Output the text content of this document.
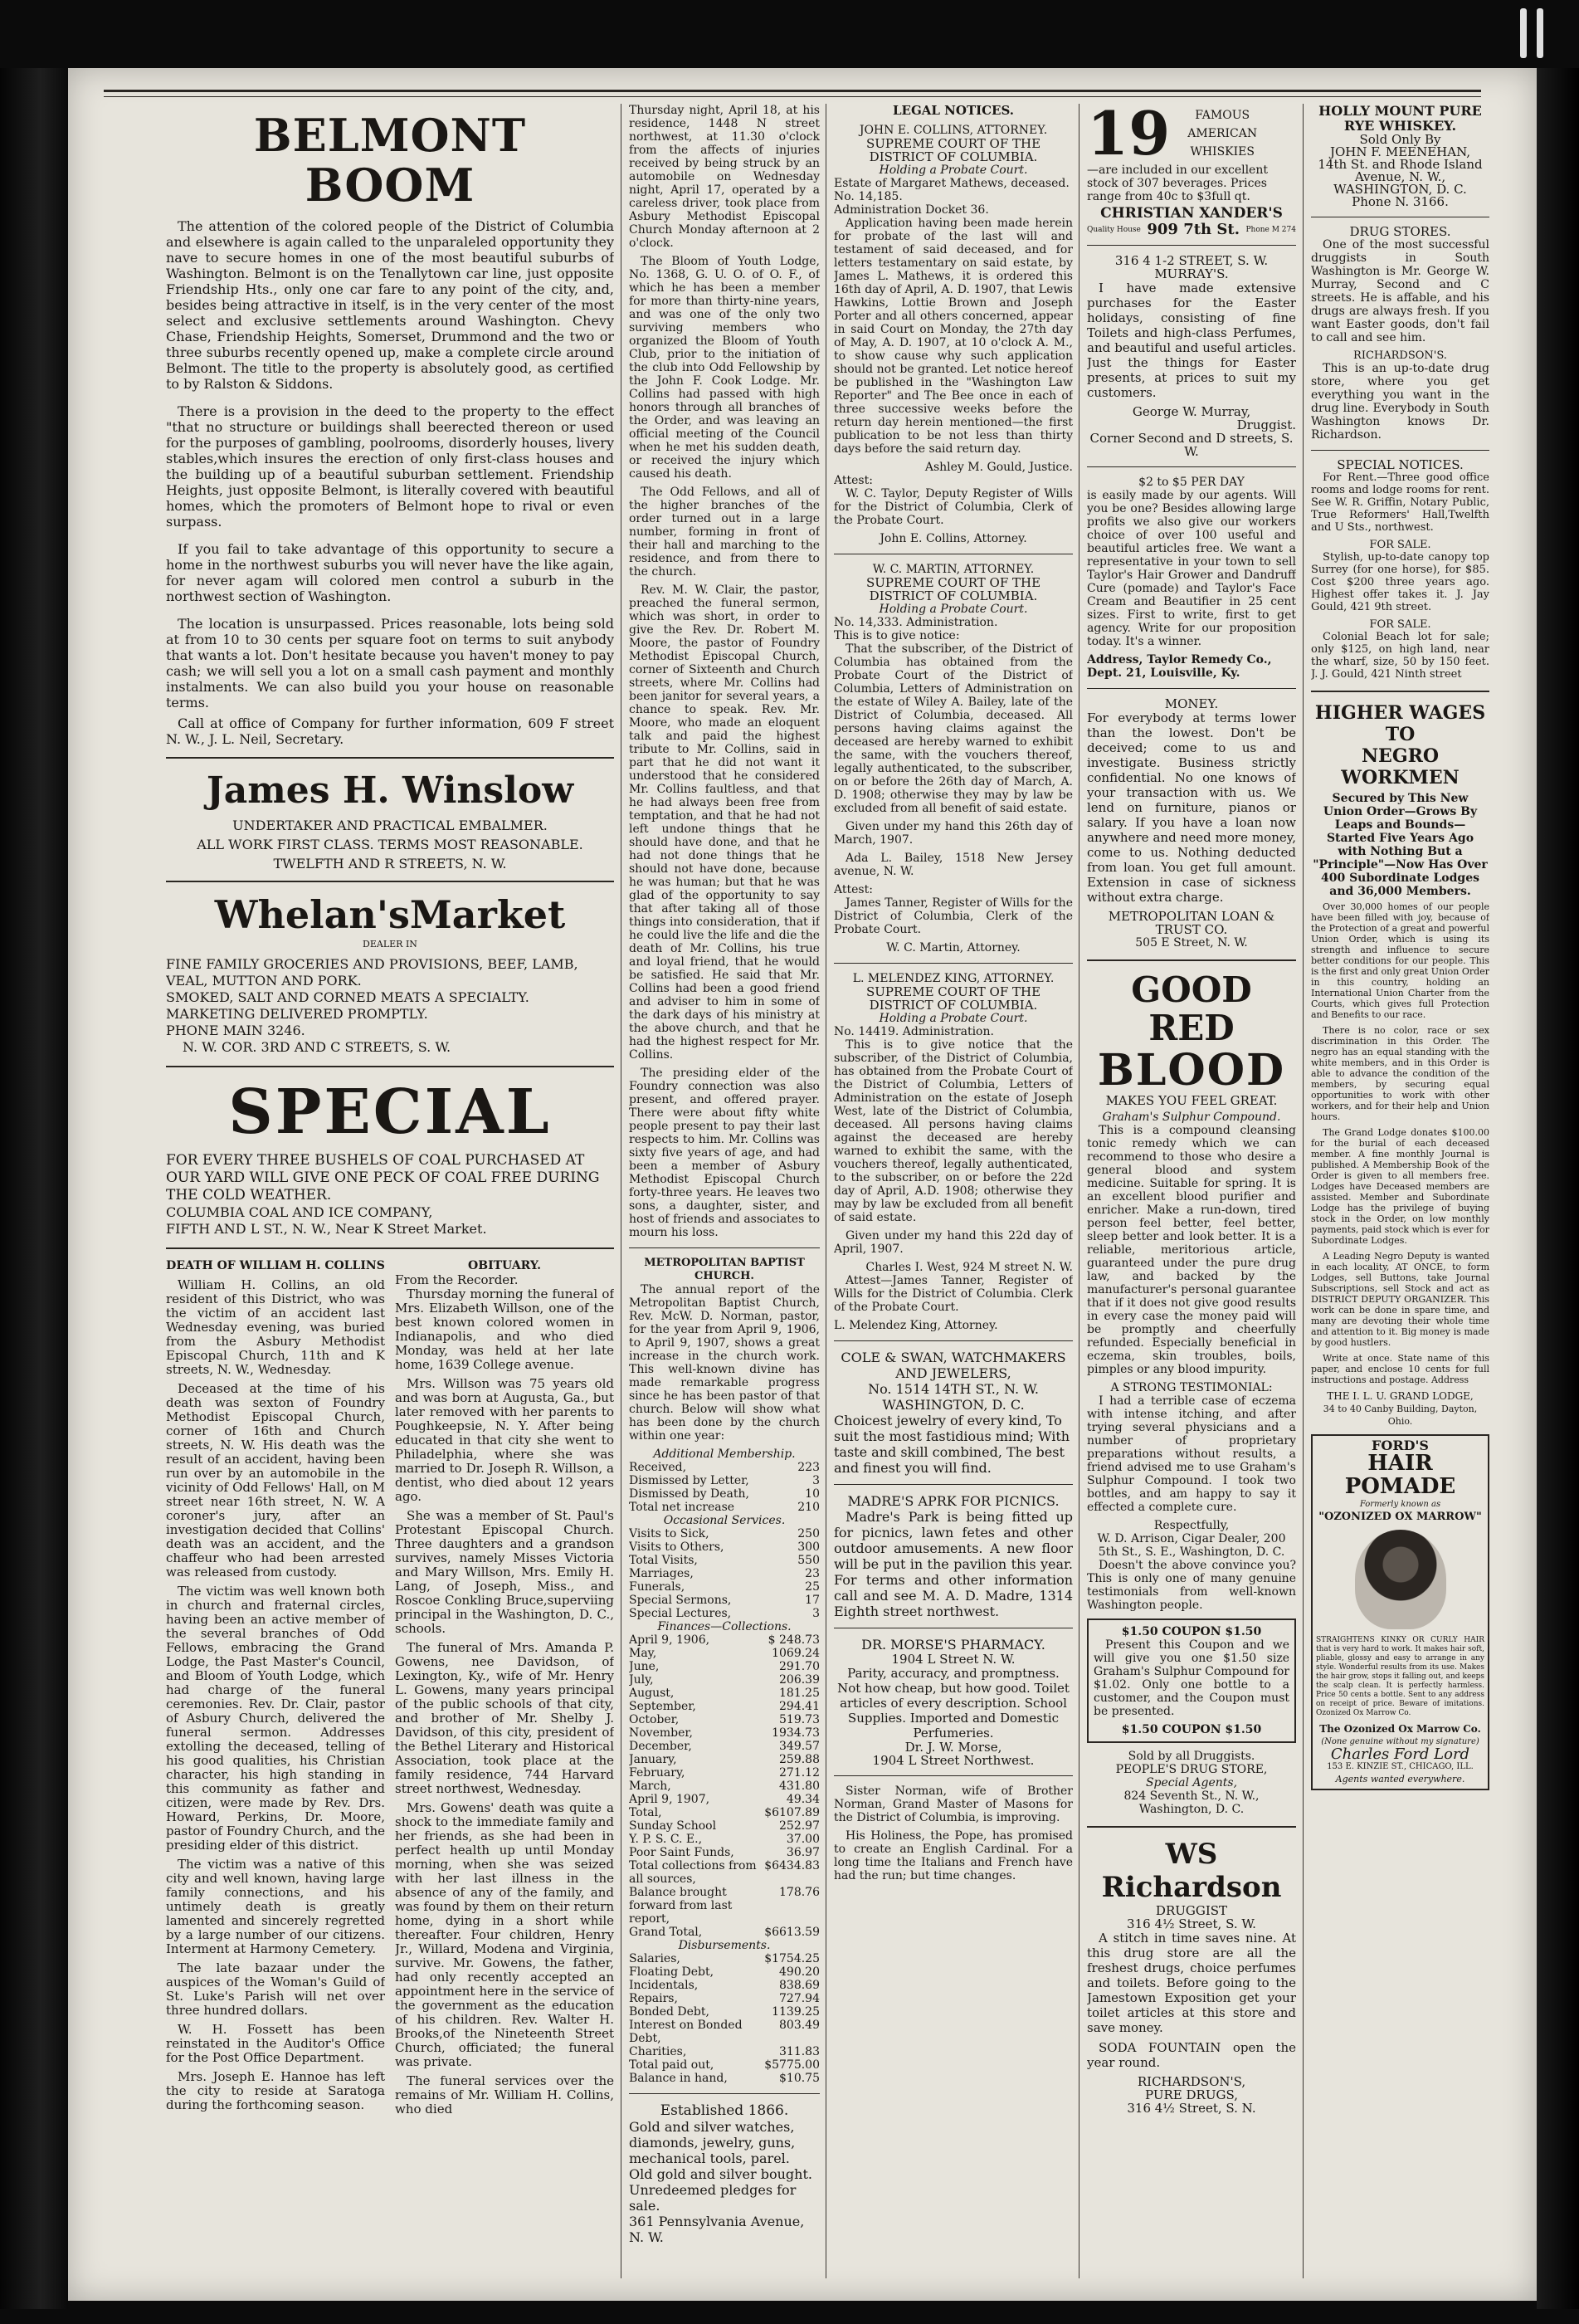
BELMONT BOOM

The attention of the colored people of the District of Columbia and elsewhere is again called to the unparaleled opportunity they nave to secure homes in one of the most beautiful suburbs of Washington. Belmont is on the Tenallytown car line, just opposite Friendship Hts., only one car fare to any point of the city, and, besides being attractive in itself, is in the very center of the most select and exclusive settlements around Washington. Chevy Chase, Friendship Heights, Somerset, Drummond and the two or three suburbs recently opened up, make a complete circle around Belmont. The title to the property is absolutely good, as certified to by Ralston & Siddons.

There is a provision in the deed to the property to the effect "that no structure or buildings shall beerected thereon or used for the purposes of gambling, poolrooms, disorderly houses, livery stables,which insures the erection of only first-class houses and the building up of a beautiful suburban settlement. Friendship Heights, just opposite Belmont, is literally covered with beautiful homes, which the promoters of Belmont hope to rival or even surpass.

If you fail to take advantage of this opportunity to secure a home in the northwest suburbs you will never have the like again, for never agam will colored men control a suburb in the northwest section of Washington.

The location is unsurpassed. Prices reasonable, lots being sold at from 10 to 30 cents per square foot on terms to suit anybody that wants a lot. Don't hesitate because you haven't money to pay cash; we will sell you a lot on a small cash payment and monthly instalments. We can also build you your house on reasonable terms.

Call at office of Company for further information, 609 F street N. W., J. L. Neil, Secretary.

James H. Winslow
UNDERTAKER AND PRACTICAL EMBALMER.
ALL WORK FIRST CLASS. TERMS MOST REASONABLE.
TWELFTH AND R STREETS, N. W.
Whelan'sMarket
DEALER IN
FINE FAMILY GROCERIES AND PROVISIONS, BEEF, LAMB, VEAL, MUTTON AND PORK.
SMOKED, SALT AND CORNED MEATS A SPECIALTY.
MARKETING DELIVERED PROMPTLY.
PHONE MAIN 3246.
N. W. COR. 3RD AND C STREETS, S. W.
SPECIAL
FOR EVERY THREE BUSHELS OF COAL PURCHASED AT OUR YARD WILL GIVE ONE PECK OF COAL FREE DURING THE COLD WEATHER.
COLUMBIA COAL AND ICE COMPANY,
FIFTH AND L ST., N. W., Near K Street Market.
DEATH OF WILLIAM H. COLLINS

William H. Collins, an old resident of this District, who was the victim of an accident last Wednesday evening, was buried from the Asbury Methodist Episcopal Church, 11th and K streets, N. W., Wednesday.

Deceased at the time of his death was sexton of Foundry Methodist Episcopal Church, corner of 16th and Church streets, N. W. His death was the result of an accident, having been run over by an automobile in the vicinity of Odd Fellows' Hall, on M street near 16th street, N. W. A coroner's jury, after an investigation decided that Collins' death was an accident, and the chaffeur who had been arrested was released from custody.

The victim was well known both in church and fraternal circles, having been an active member of the several branches of Odd Fellows, embracing the Grand Lodge, the Past Master's Council, and Bloom of Youth Lodge, which had charge of the funeral ceremonies. Rev. Dr. Clair, pastor of Asbury Church, delivered the funeral sermon. Addresses extolling the deceased, telling of his good qualities, his Christian character, his high standing in this community as father and citizen, were made by Rev. Drs. Howard, Perkins, Dr. Moore, pastor of Foundry Church, and the presiding elder of this district.

The victim was a native of this city and well known, having large family connections, and his untimely death is greatly lamented and sincerely regretted by a large number of our citizens. Interment at Harmony Cemetery.

The late bazaar under the auspices of the Woman's Guild of St. Luke's Parish will net over three hundred dollars.

W. H. Fossett has been reinstated in the Auditor's Office for the Post Office Department.

Mrs. Joseph E. Hannoe has left the city to reside at Saratoga during the forthcoming season.

OBITUARY.
From the Recorder.

Thursday morning the funeral of Mrs. Elizabeth Willson, one of the best known colored women in Indianapolis, and who died Monday, was held at her late home, 1639 College avenue.

Mrs. Willson was 75 years old and was born at Augusta, Ga., but later removed with her parents to Poughkeepsie, N. Y. After being educated in that city she went to Philadelphia, where she was married to Dr. Joseph R. Willson, a dentist, who died about 12 years ago.

She was a member of St. Paul's Protestant Episcopal Church. Three daughters and a grandson survives, namely Misses Victoria and Mary Willson, Mrs. Emily H. Lang, of Joseph, Miss., and Roscoe Conkling Bruce,superviing principal in the Washington, D. C., schools.

The funeral of Mrs. Amanda P. Gowens, nee Davidson, of Lexington, Ky., wife of Mr. Henry L. Gowens, many years principal of the public schools of that city, and brother of Mr. Shelby J. Davidson, of this city, president of the Bethel Literary and Historical Association, took place at the family residence, 744 Harvard street northwest, Wednesday.

Mrs. Gowens' death was quite a shock to the immediate family and her friends, as she had been in perfect health up until Monday morning, when she was seized with her last illness in the absence of any of the family, and was found by them on their return home, dying in a short while thereafter. Four children, Henry Jr., Willard, Modena and Virginia, survive. Mr. Gowens, the father, had only recently accepted an appointment here in the service of the government as the education of his children. Rev. Walter H. Brooks,of the Nineteenth Street Church, officiated; the funeral was private.

The funeral services over the remains of Mr. William H. Collins, who died

Thursday night, April 18, at his residence, 1448 N street northwest, at 11.30 o'clock from the affects of injuries received by being struck by an automobile on Wednesday night, April 17, operated by a careless driver, took place from Asbury Methodist Episcopal Church Monday afternoon at 2 o'clock.

The Bloom of Youth Lodge, No. 1368, G. U. O. of O. F., of which he has been a member for more than thirty-nine years, and was one of the only two surviving members who organized the Bloom of Youth Club, prior to the initiation of the club into Odd Fellowship by the John F. Cook Lodge. Mr. Collins had passed with high honors through all branches of the Order, and was leaving an official meeting of the Council when he met his sudden death, or received the injury which caused his death.

The Odd Fellows, and all of the higher branches of the order turned out in a large number, forming in front of their hall and marching to the residence, and from there to the church.

Rev. M. W. Clair, the pastor, preached the funeral sermon, which was short, in order to give the Rev. Dr. Robert M. Moore, the pastor of Foundry Methodist Episcopal Church, corner of Sixteenth and Church streets, where Mr. Collins had been janitor for several years, a chance to speak. Rev. Mr. Moore, who made an eloquent talk and paid the highest tribute to Mr. Collins, said in part that he did not want it understood that he considered Mr. Collins faultless, and that he had always been free from temptation, and that he had not left undone things that he should have done, and that he had not done things that he should not have done, because he was human; but that he was glad of the opportunity to say that after taking all of those things into consideration, that if he could live the life and die the death of Mr. Collins, his true and loyal friend, that he would be satisfied. He said that Mr. Collins had been a good friend and adviser to him in some of the dark days of his ministry at the above church, and that he had the highest respect for Mr. Collins.

The presiding elder of the Foundry connection was also present, and offered prayer. There were about fifty white people present to pay their last respects to him. Mr. Collins was sixty five years of age, and had been a member of Asbury Methodist Episcopal Church forty-three years. He leaves two sons, a daughter, sister, and host of friends and associates to mourn his loss.

METROPOLITAN BAPTIST CHURCH.

The annual report of the Metropolitan Baptist Church, Rev. McW. D. Norman, pastor, for the year from April 9, 1906, to April 9, 1907, shows a great increase in the church work. This well-known divine has made remarkable progress since he has been pastor of that church. Below will show what has been done by the church within one year:

Additional Membership.
Received,	223
Dismissed by Letter,	3
Dismissed by Death,	10
Total net increase	210
Occasional Services.
Visits to Sick,	250
Visits to Others,	300
Total Visits,	550
Marriages,	23
Funerals,	25
Special Sermons,	17
Special Lectures,	3
Finances—Collections.
April 9, 1906,	$ 248.73
May,	1069.24
June,	291.70
July,	206.39
August,	181.25
September,	294.41
October,	519.73
November,	1934.73
December,	349.57
January,	259.88
February,	271.12
March,	431.80
April 9, 1907,	49.34
Total,	$6107.89
Sunday School	252.97
Y. P. S. C. E.,	37.00
Poor Saint Funds,	36.97
Total collections from all sources,
$6434.83
Balance brought forward from last report,
178.76
Grand Total,	$6613.59
Disbursements.
Salaries,	$1754.25
Floating Debt,	490.20
Incidentals,	838.69
Repairs,	727.94
Bonded Debt,	1139.25
Interest on Bonded Debt,
803.49
Charities,	311.83
Total paid out,	$5775.00
Balance in hand,	$10.75
Established 1866.
Gold and silver watches, diamonds, jewelry, guns, mechanical tools, parel.
Old gold and silver bought.
Unredeemed pledges for sale.
361 Pennsylvania Avenue, N. W.
LEGAL NOTICES.
JOHN E. COLLINS, ATTORNEY.
SUPREME COURT OF THE DISTRICT OF COLUMBIA.
Holding a Probate Court.
Estate of Margaret Mathews, deceased.
No. 14,185.
Administration Docket 36.

Application having been made herein for probate of the last will and testament of said deceased, and for letters testamentary on said estate, by James L. Mathews, it is ordered this 16th day of April, A. D. 1907, that Lewis Hawkins, Lottie Brown and Joseph Porter and all others concerned, appear in said Court on Monday, the 27th day of May, A. D. 1907, at 10 o'clock A. M., to show cause why such application should not be granted. Let notice hereof be published in the "Washington Law Reporter" and The Bee once in each of three successive weeks before the return day herein mentioned—the first publication to be not less than thirty days before the said return day.

Ashley M. Gould, Justice.
Attest:

W. C. Taylor, Deputy Register of Wills for the District of Columbia, Clerk of the Probate Court.

John E. Collins, Attorney.
W. C. MARTIN, ATTORNEY.
SUPREME COURT OF THE DISTRICT OF COLUMBIA.
Holding a Probate Court.
No. 14,333. Administration.
This is to give notice:

That the subscriber, of the District of Columbia has obtained from the Probate Court of the District of Columbia, Letters of Administration on the estate of Wiley A. Bailey, late of the District of Columbia, deceased. All persons having claims against the deceased are hereby warned to exhibit the same, with the vouchers thereof, legally authenticated, to the subscriber, on or before the 26th day of March, A. D. 1908; otherwise they may by law be excluded from all benefit of said estate.

Given under my hand this 26th day of March, 1907.

Ada L. Bailey, 1518 New Jersey avenue, N. W.

Attest:

James Tanner, Register of Wills for the District of Columbia, Clerk of the Probate Court.

W. C. Martin, Attorney.
L. MELENDEZ KING, ATTORNEY.
SUPREME COURT OF THE DISTRICT OF COLUMBIA.
Holding a Probate Court.
No. 14419. Administration.

This is to give notice that the subscriber, of the District of Columbia, has obtained from the Probate Court of the District of Columbia, Letters of Administration on the estate of Joseph West, late of the District of Columbia, deceased. All persons having claims against the deceased are hereby warned to exhibit the same, with the vouchers thereof, legally authenticated, to the subscriber, on or before the 22d day of April, A.D. 1908; otherwise they may by law be excluded from all benefit of said estate.

Given under my hand this 22d day of April, 1907.

Charles I. West, 924 M street N. W.

Attest—James Tanner, Register of Wills for the District of Columbia. Clerk of the Probate Court.

L. Melendez King, Attorney.
COLE & SWAN, WATCHMAKERS AND JEWELERS,
No. 1514 14TH ST., N. W. WASHINGTON, D. C.
Choicest jewelry of every kind, To suit the most fastidious mind; With taste and skill combined, The best and finest you will find.
MADRE'S APRK FOR PICNICS.

Madre's Park is being fitted up for picnics, lawn fetes and other outdoor amusements. A new floor will be put in the pavilion this year. For terms and other information call and see M. A. D. Madre, 1314 Eighth street northwest.

DR. MORSE'S PHARMACY.
1904 L Street N. W.
Parity, accuracy, and promptness. Not how cheap, but how good. Toilet articles of every description. School Supplies. Imported and Domestic Perfumeries.
Dr. J. W. Morse,
1904 L Street Northwest.

Sister Norman, wife of Brother Norman, Grand Master of Masons for the District of Columbia, is improving.

His Holiness, the Pope, has promised to create an English Cardinal. For a long time the Italians and French have had the run; but time changes.

19	FAMOUS AMERICAN WHISKIES
—are included in our excellent stock of 307 beverages. Prices range from 40c to $3full qt.
CHRISTIAN XANDER'S
Quality House 909 7th St. Phone M 274
316 4 1-2 STREET, S. W.
MURRAY'S.

I have made extensive purchases for the Easter holidays, consisting of fine Toilets and high-class Perfumes, and beautiful and useful articles. Just the things for Easter presents, at prices to suit my customers.

George W. Murray,
Druggist.
Corner Second and D streets, S. W.
$2 to $5 PER DAY

is easily made by our agents. Will you be one? Besides allowing large profits we also give our workers choice of over 100 useful and beautiful articles free. We want a representative in your town to sell Taylor's Hair Grower and Dandruff Cure (pomade) and Taylor's Face Cream and Beautifier in 25 cent sizes. First to write, first to get agency. Write for our proposition today. It's a winner.

Address, Taylor Remedy Co., Dept. 21, Louisville, Ky.
MONEY.

For everybody at terms lower than the lowest. Don't be deceived; come to us and investigate. Business strictly confidential. No one knows of your transaction with us. We lend on furniture, pianos or salary. If you have a loan now anywhere and need more money, come to us. Nothing deducted from loan. You get full amount. Extension in case of sickness without extra charge.

METROPOLITAN LOAN & TRUST CO.
505 E Street, N. W.
GOOD RED
BLOOD
MAKES YOU FEEL GREAT.
Graham's Sulphur Compound.

This is a compound cleansing tonic remedy which we can recommend to those who desire a general blood and system medicine. Suitable for spring. It is an excellent blood purifier and enricher. Make a run-down, tired person feel better, feel better, sleep better and look better. It is a reliable, meritorious article, guaranteed under the pure drug law, and backed by the manufacturer's personal guarantee that if it does not give good results in every case the money paid will be promptly and cheerfully refunded. Especially beneficial in eczema, skin troubles, boils, pimples or any blood impurity.

A STRONG TESTIMONIAL:

I had a terrible case of eczema with intense itching, and after trying several physicians and a number of proprietary preparations without results, a friend advised me to use Graham's Sulphur Compound. I took two bottles, and am happy to say it effected a complete cure.

Respectfully,
W. D. Arrison, Cigar Dealer, 200 5th St., S. E., Washington, D. C.

Doesn't the above convince you? This is only one of many genuine testimonials from well-known Washington people.

$1.50 COUPON $1.50

Present this Coupon and we will give you one $1.50 size Graham's Sulphur Compound for $1.02. Only one bottle to a customer, and the Coupon must be presented.

$1.50 COUPON $1.50
Sold by all Druggists.
PEOPLE'S DRUG STORE,
Special Agents,
824 Seventh St., N. W., Washington, D. C.
WS Richardson
DRUGGIST
316 4½ Street, S. W.

A stitch in time saves nine. At this drug store are all the freshest drugs, choice perfumes and toilets. Before going to the Jamestown Exposition get your toilet articles at this store and save money.

SODA FOUNTAIN open the year round.

RICHARDSON'S,
PURE DRUGS,
316 4½ Street, S. N.
HOLLY MOUNT PURE RYE WHISKEY.
Sold Only By
JOHN F. MEENEHAN,
14th St. and Rhode Island Avenue, N. W.,
WASHINGTON, D. C.
Phone N. 3166.
DRUG STORES.

One of the most successful druggists in South Washington is Mr. George W. Murray, Second and C streets. He is affable, and his drugs are always fresh. If you want Easter goods, don't fail to call and see him.

RICHARDSON'S.

This is an up-to-date drug store, where you get everything you want in the drug line. Everybody in South Washington knows Dr. Richardson.

SPECIAL NOTICES.

For Rent.—Three good office rooms and lodge rooms for rent. See W. R. Griffin, Notary Public, True Reformers' Hall,Twelfth and U Sts., northwest.

FOR SALE.

Stylish, up-to-date canopy top Surrey (for one horse), for $85. Cost $200 three years ago. Highest offer takes it. J. Jay Gould, 421 9th street.

FOR SALE.

Colonial Beach lot for sale; only $125, on high land, near the wharf, size, 50 by 150 feet. J. J. Gould, 421 Ninth street

HIGHER WAGES TO
NEGRO WORKMEN
Secured by This New Union Order—Grows By Leaps and Bounds—Started Five Years Ago with Nothing But a "Principle"—Now Has Over 400 Subordinate Lodges and 36,000 Members.

Over 30,000 homes of our people have been filled with joy, because of the Protection of a great and powerful Union Order, which is using its strength and influence to secure better conditions for our people. This is the first and only great Union Order in this country, holding an International Union Charter from the Courts, which gives full Protection and Benefits to our race.

There is no color, race or sex discrimination in this Order. The negro has an equal standing with the white members, and in this Order is able to advance the condition of the members, by securing equal opportunities to work with other workers, and for their help and Union hours.

The Grand Lodge donates $100.00 for the burial of each deceased member. A fine monthly Journal is published. A Membership Book of the Order is given to all members free. Lodges have Deceased members are assisted. Member and Subordinate Lodge has the privilege of buying stock in the Order, on low monthly payments, paid stock which is ever for Subordinate Lodges.

A Leading Negro Deputy is wanted in each locality, AT ONCE, to form Lodges, sell Buttons, take Journal Subscriptions, sell Stock and act as DISTRICT DEPUTY ORGANIZER. This work can be done in spare time, and many are devoting their whole time and attention to it. Big money is made by good hustlers.

Write at once. State name of this paper, and enclose 10 cents for full instructions and postage. Address

THE I. L. U. GRAND LODGE,
34 to 40 Canby Building, Dayton, Ohio.
FORD'S
HAIR POMADE
Formerly known as
"OZONIZED OX MARROW"

STRAIGHTENS KINKY OR CURLY HAIR that is very hard to work. It makes hair soft, pliable, glossy and easy to arrange in any style. Wonderful results from its use. Makes the hair grow, stops it falling out, and keeps the scalp clean. It is perfectly harmless. Price 50 cents a bottle. Sent to any address on receipt of price. Beware of imitations. Ozonized Ox Marrow Co.

The Ozonized Ox Marrow Co.
(None genuine without my signature)
Charles Ford Lord
153 E. KINZIE ST., CHICAGO, ILL.
Agents wanted everywhere.
